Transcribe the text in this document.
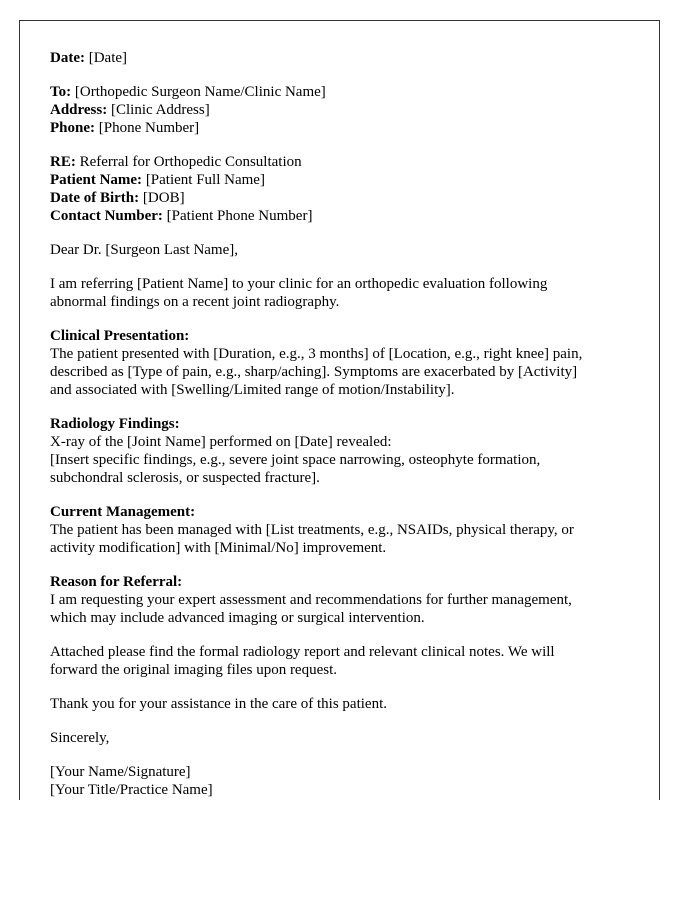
Date: [Date]
To: [Orthopedic Surgeon Name/Clinic Name]
Address: [Clinic Address]
Phone: [Phone Number]
RE: Referral for Orthopedic Consultation
Patient Name: [Patient Full Name]
Date of Birth: [DOB]
Contact Number: [Patient Phone Number]
Dear Dr. [Surgeon Last Name],
I am referring [Patient Name] to your clinic for an orthopedic evaluation following
abnormal findings on a recent joint radiography.
Clinical Presentation:
The patient presented with [Duration, e.g., 3 months] of [Location, e.g., right knee] pain,
described as [Type of pain, e.g., sharp/aching]. Symptoms are exacerbated by [Activity]
and associated with [Swelling/Limited range of motion/Instability].
Radiology Findings:
X-ray of the [Joint Name] performed on [Date] revealed:
[Insert specific findings, e.g., severe joint space narrowing, osteophyte formation,
subchondral sclerosis, or suspected fracture].
Current Management:
The patient has been managed with [List treatments, e.g., NSAIDs, physical therapy, or
activity modification] with [Minimal/No] improvement.
Reason for Referral:
I am requesting your expert assessment and recommendations for further management,
which may include advanced imaging or surgical intervention.
Attached please find the formal radiology report and relevant clinical notes. We will
forward the original imaging files upon request.
Thank you for your assistance in the care of this patient.
Sincerely,
[Your Name/Signature]
[Your Title/Practice Name]
